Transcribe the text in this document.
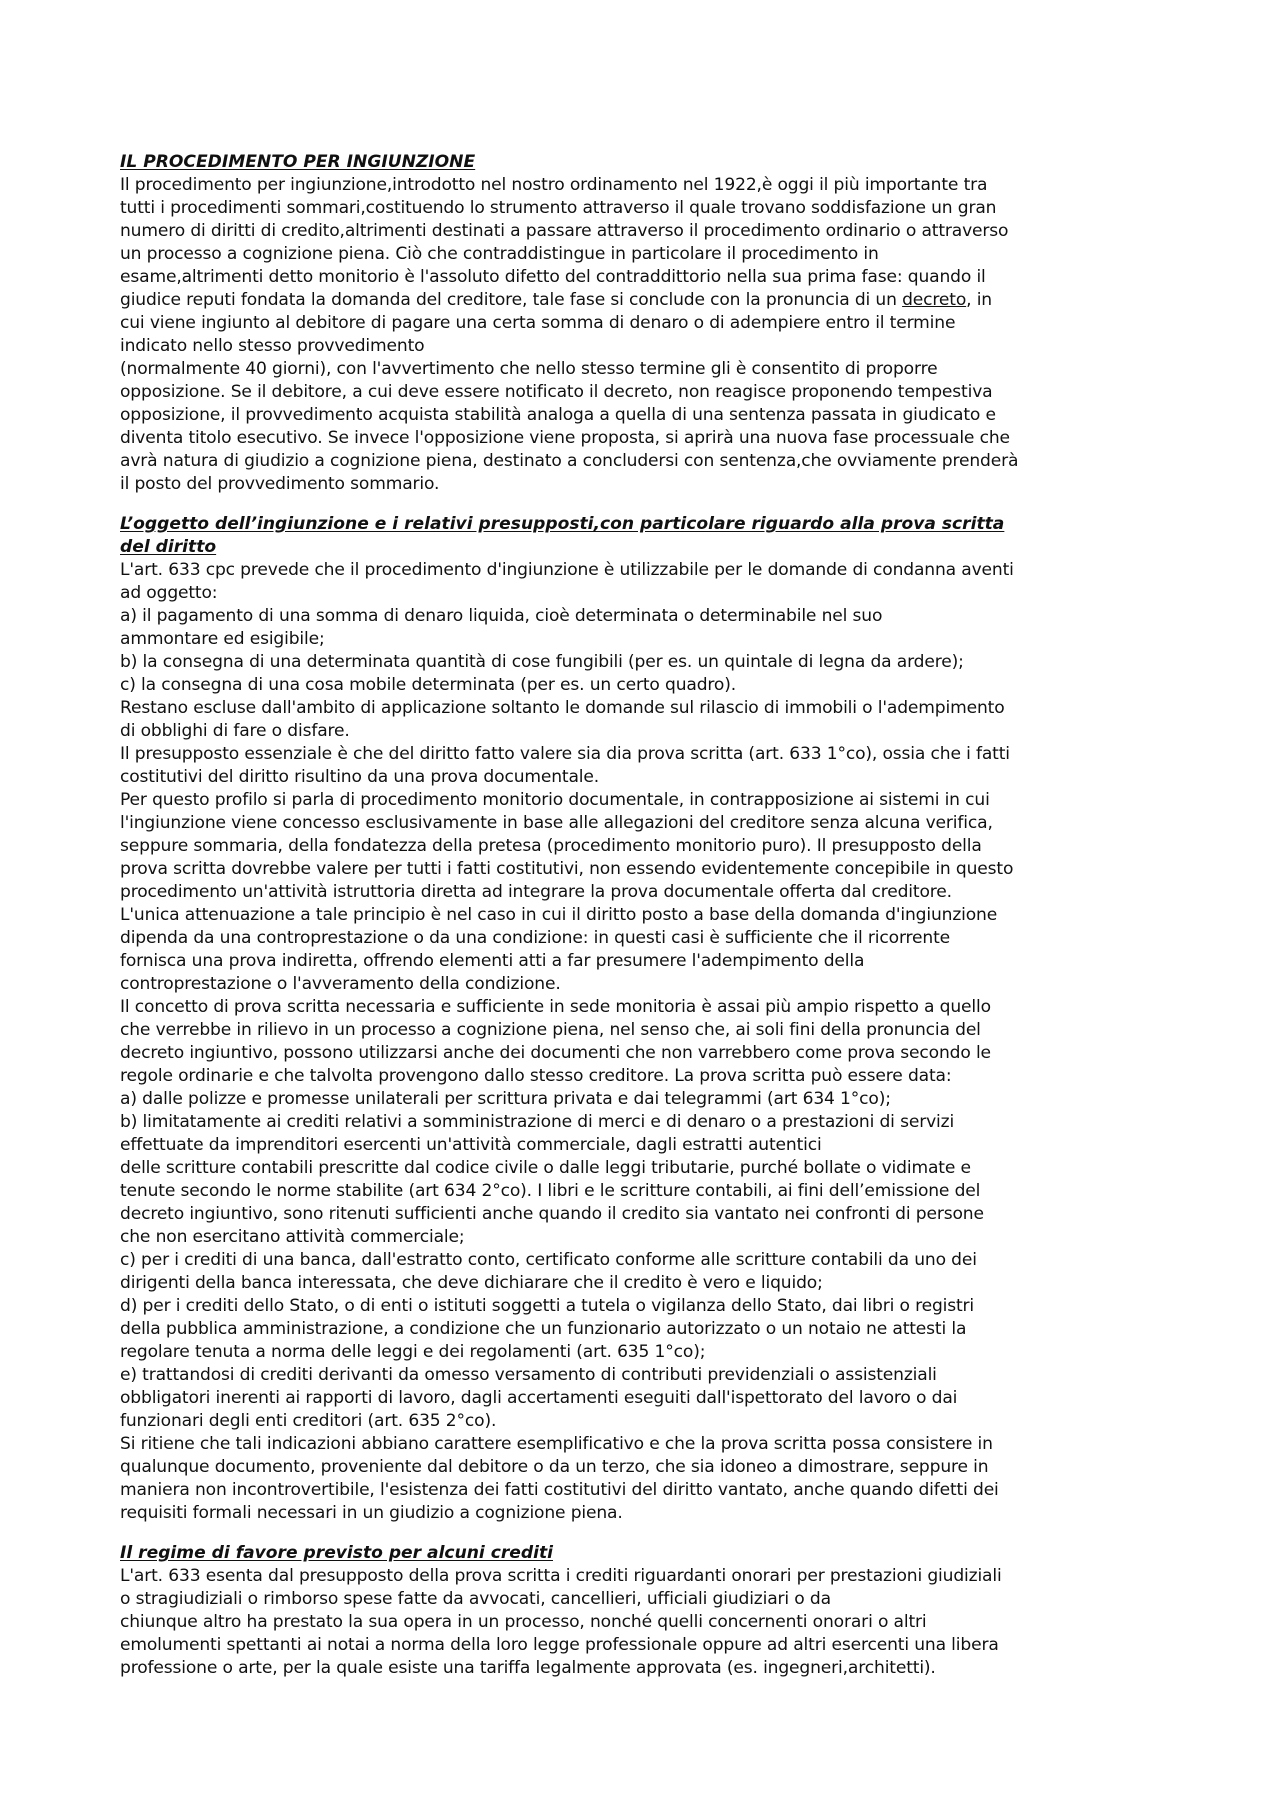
IL PROCEDIMENTO PER INGIUNZIONE
Il procedimento per ingiunzione,introdotto nel nostro ordinamento nel 1922,è oggi il più importante tra
tutti i procedimenti sommari,costituendo lo strumento attraverso il quale trovano soddisfazione un gran
numero di diritti di credito,altrimenti destinati a passare attraverso il procedimento ordinario o attraverso
un processo a cognizione piena. Ciò che contraddistingue in particolare il procedimento in
esame,altrimenti detto monitorio è l'assoluto difetto del contraddittorio nella sua prima fase: quando il
giudice reputi fondata la domanda del creditore, tale fase si conclude con la pronuncia di un decreto, in
cui viene ingiunto al debitore di pagare una certa somma di denaro o di adempiere entro il termine
indicato nello stesso provvedimento
(normalmente 40 giorni), con l'avvertimento che nello stesso termine gli è consentito di proporre
opposizione. Se il debitore, a cui deve essere notificato il decreto, non reagisce proponendo tempestiva
opposizione, il provvedimento acquista stabilità analoga a quella di una sentenza passata in giudicato e
diventa titolo esecutivo. Se invece l'opposizione viene proposta, si aprirà una nuova fase processuale che
avrà natura di giudizio a cognizione piena, destinato a concludersi con sentenza,che ovviamente prenderà
il posto del provvedimento sommario.
L’oggetto dell’ingiunzione e i relativi presupposti,con particolare riguardo alla prova scritta
del diritto
L'art. 633 cpc prevede che il procedimento d'ingiunzione è utilizzabile per le domande di condanna aventi
ad oggetto:
a) il pagamento di una somma di denaro liquida, cioè determinata o determinabile nel suo
ammontare ed esigibile;
b) la consegna di una determinata quantità di cose fungibili (per es. un quintale di legna da ardere);
c) la consegna di una cosa mobile determinata (per es. un certo quadro).
Restano escluse dall'ambito di applicazione soltanto le domande sul rilascio di immobili o l'adempimento
di obblighi di fare o disfare.
Il presupposto essenziale è che del diritto fatto valere sia dia prova scritta (art. 633 1°co), ossia che i fatti
costitutivi del diritto risultino da una prova documentale.
Per questo profilo si parla di procedimento monitorio documentale, in contrapposizione ai sistemi in cui
l'ingiunzione viene concesso esclusivamente in base alle allegazioni del creditore senza alcuna verifica,
seppure sommaria, della fondatezza della pretesa (procedimento monitorio puro). Il presupposto della
prova scritta dovrebbe valere per tutti i fatti costitutivi, non essendo evidentemente concepibile in questo
procedimento un'attività istruttoria diretta ad integrare la prova documentale offerta dal creditore.
L'unica attenuazione a tale principio è nel caso in cui il diritto posto a base della domanda d'ingiunzione
dipenda da una controprestazione o da una condizione: in questi casi è sufficiente che il ricorrente
fornisca una prova indiretta, offrendo elementi atti a far presumere l'adempimento della
controprestazione o l'avveramento della condizione.
Il concetto di prova scritta necessaria e sufficiente in sede monitoria è assai più ampio rispetto a quello
che verrebbe in rilievo in un processo a cognizione piena, nel senso che, ai soli fini della pronuncia del
decreto ingiuntivo, possono utilizzarsi anche dei documenti che non varrebbero come prova secondo le
regole ordinarie e che talvolta provengono dallo stesso creditore. La prova scritta può essere data:
a) dalle polizze e promesse unilaterali per scrittura privata e dai telegrammi (art 634 1°co);
b) limitatamente ai crediti relativi a somministrazione di merci e di denaro o a prestazioni di servizi
effettuate da imprenditori esercenti un'attività commerciale, dagli estratti autentici
delle scritture contabili prescritte dal codice civile o dalle leggi tributarie, purché bollate o vidimate e
tenute secondo le norme stabilite (art 634 2°co). I libri e le scritture contabili, ai fini dell’emissione del
decreto ingiuntivo, sono ritenuti sufficienti anche quando il credito sia vantato nei confronti di persone
che non esercitano attività commerciale;
c) per i crediti di una banca, dall'estratto conto, certificato conforme alle scritture contabili da uno dei
dirigenti della banca interessata, che deve dichiarare che il credito è vero e liquido;
d) per i crediti dello Stato, o di enti o istituti soggetti a tutela o vigilanza dello Stato, dai libri o registri
della pubblica amministrazione, a condizione che un funzionario autorizzato o un notaio ne attesti la
regolare tenuta a norma delle leggi e dei regolamenti (art. 635 1°co);
e) trattandosi di crediti derivanti da omesso versamento di contributi previdenziali o assistenziali
obbligatori inerenti ai rapporti di lavoro, dagli accertamenti eseguiti dall'ispettorato del lavoro o dai
funzionari degli enti creditori (art. 635 2°co).
Si ritiene che tali indicazioni abbiano carattere esemplificativo e che la prova scritta possa consistere in
qualunque documento, proveniente dal debitore o da un terzo, che sia idoneo a dimostrare, seppure in
maniera non incontrovertibile, l'esistenza dei fatti costitutivi del diritto vantato, anche quando difetti dei
requisiti formali necessari in un giudizio a cognizione piena.
Il regime di favore previsto per alcuni crediti
L'art. 633 esenta dal presupposto della prova scritta i crediti riguardanti onorari per prestazioni giudiziali
o stragiudiziali o rimborso spese fatte da avvocati, cancellieri, ufficiali giudiziari o da
chiunque altro ha prestato la sua opera in un processo, nonché quelli concernenti onorari o altri
emolumenti spettanti ai notai a norma della loro legge professionale oppure ad altri esercenti una libera
professione o arte, per la quale esiste una tariffa legalmente approvata (es. ingegneri,architetti).
